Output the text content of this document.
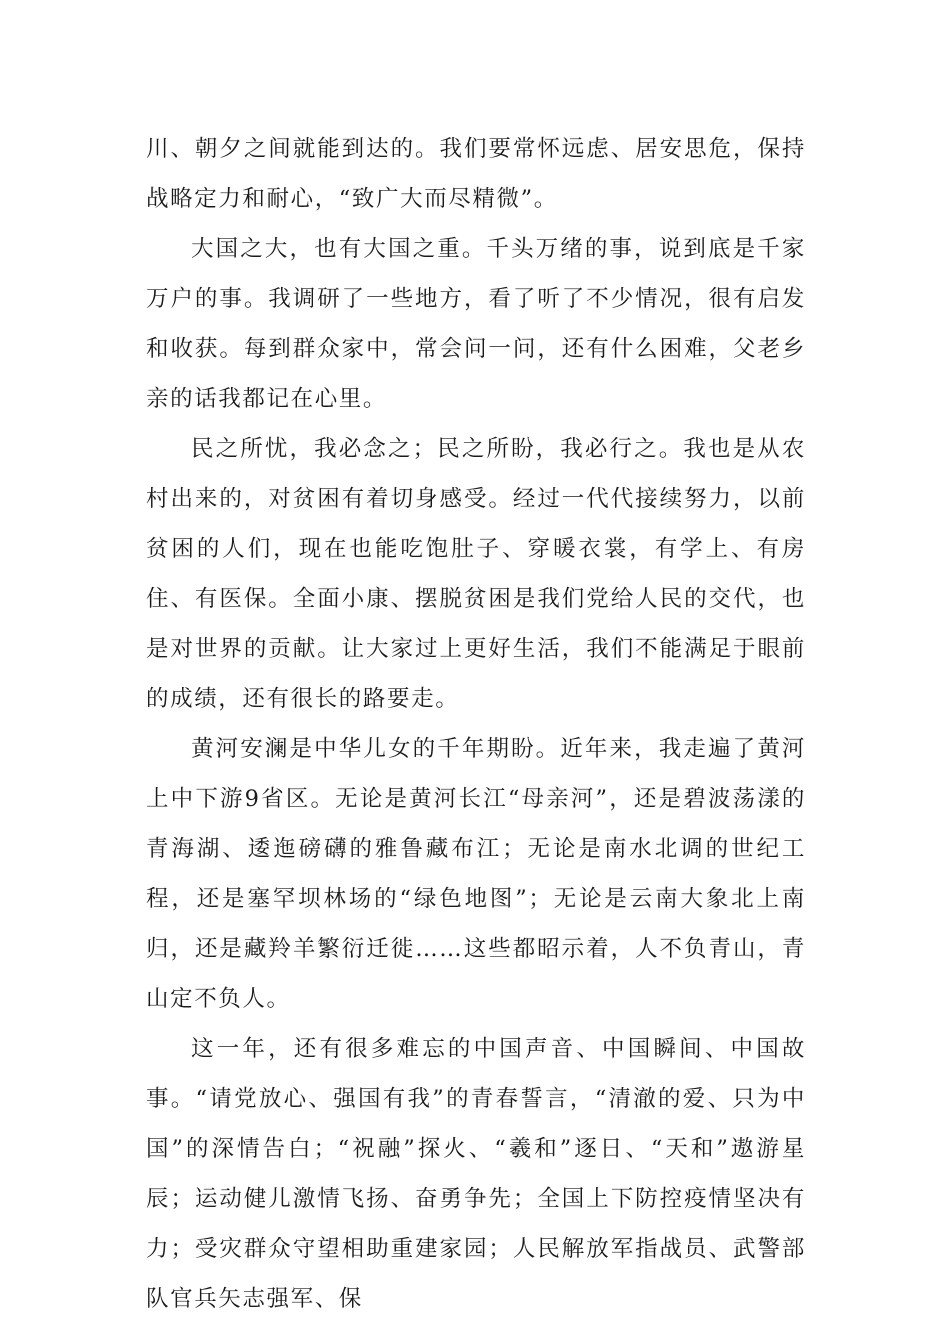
川、朝夕之间就能到达的。我们要常怀远虑、居安思危，保持战略定力和耐心，“致广大而尽精微”。

大国之大，也有大国之重。千头万绪的事，说到底是千家万户的事。我调研了一些地方，看了听了不少情况，很有启发和收获。每到群众家中，常会问一问，还有什么困难，父老乡亲的话我都记在心里。

民之所忧，我必念之；民之所盼，我必行之。我也是从农村出来的，对贫困有着切身感受。经过一代代接续努力，以前贫困的人们，现在也能吃饱肚子、穿暖衣裳，有学上、有房住、有医保。全面小康、摆脱贫困是我们党给人民的交代，也是对世界的贡献。让大家过上更好生活，我们不能满足于眼前的成绩，还有很长的路要走。

黄河安澜是中华儿女的千年期盼。近年来，我走遍了黄河上中下游9省区。无论是黄河长江“母亲河”，还是碧波荡漾的青海湖、逶迤磅礴的雅鲁藏布江；无论是南水北调的世纪工程，还是塞罕坝林场的“绿色地图”；无论是云南大象北上南归，还是藏羚羊繁衍迁徙……这些都昭示着，人不负青山，青山定不负人。

这一年，还有很多难忘的中国声音、中国瞬间、中国故事。“请党放心、强国有我”的青春誓言，“清澈的爱、只为中国”的深情告白；“祝融”探火、“羲和”逐日、“天和”遨游星辰；运动健儿激情飞扬、奋勇争先；全国上下防控疫情坚决有力；受灾群众守望相助重建家园；人民解放军指战员、武警部队官兵矢志强军、保
